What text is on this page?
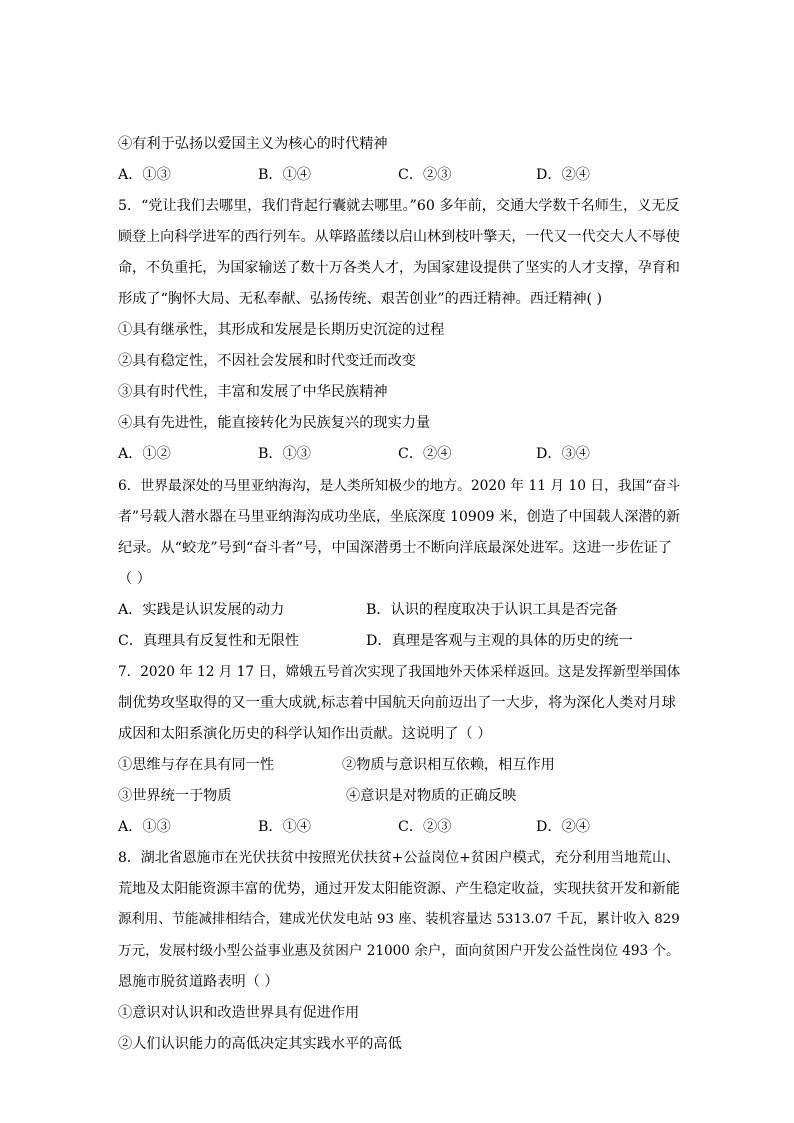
④有利于弘扬以爱国主义为核心的时代精神
A．①③	B．①④	C．②③	D．②④
5．“党让我们去哪里，我们背起行囊就去哪里。”60 多年前，交通大学数千名师生，义无反
顾登上向科学进军的西行列车。从筚路蓝缕以启山林到枝叶擎天，一代又一代交大人不辱使
命，不负重托，为国家输送了数十万各类人才，为国家建设提供了坚实的人才支撑，孕育和
形成了“胸怀大局、无私奉献、弘扬传统、艰苦创业”的西迁精神。西迁精神( )
①具有继承性，其形成和发展是长期历史沉淀的过程
②具有稳定性，不因社会发展和时代变迁而改变
③具有时代性，丰富和发展了中华民族精神
④具有先进性，能直接转化为民族复兴的现实力量
A．①②	B．①③	C．②④	D．③④
6．世界最深处的马里亚纳海沟，是人类所知极少的地方。2020 年 11 月 10 日，我国“奋斗
者”号载人潜水器在马里亚纳海沟成功坐底，坐底深度 10909 米，创造了中国载人深潜的新
纪录。从“蛟龙”号到“奋斗者”号，中国深潜勇士不断向洋底最深处进军。这进一步佐证了
（ ）
A．实践是认识发展的动力	B．认识的程度取决于认识工具是否完备
C．真理具有反复性和无限性	D．真理是客观与主观的具体的历史的统一
7．2020 年 12 月 17 日，嫦娥五号首次实现了我国地外天体采样返回。这是发挥新型举国体
制优势攻坚取得的又一重大成就,标志着中国航天向前迈出了一大步，将为深化人类对月球
成因和太阳系演化历史的科学认知作出贡献。这说明了（ ）
①思维与存在具有同一性	②物质与意识相互依赖，相互作用
③世界统一于物质	④意识是对物质的正确反映
A．①③	B．①④	C．②③	D．②④
8．湖北省恩施市在光伏扶贫中按照光伏扶贫+公益岗位+贫困户模式，充分利用当地荒山、
荒地及太阳能资源丰富的优势，通过开发太阳能资源、产生稳定收益，实现扶贫开发和新能
源利用、节能减排相结合，建成光伏发电站 93 座、装机容量达 5313.07 千瓦，累计收入 829
万元，发展村级小型公益事业惠及贫困户 21000 余户，面向贫困户开发公益性岗位 493 个。
恩施市脱贫道路表明（ ）
①意识对认识和改造世界具有促进作用
②人们认识能力的高低决定其实践水平的高低
